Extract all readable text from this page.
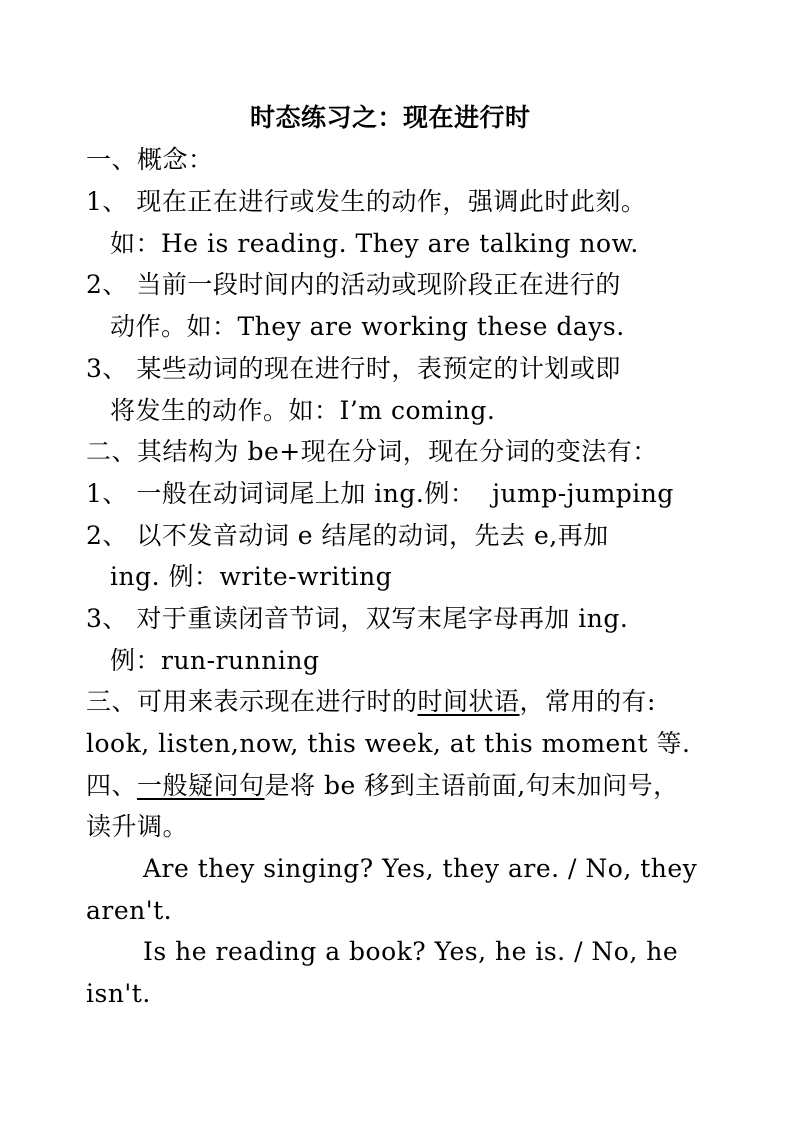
时态练习之：现在进行时
一、概念：
1、 现在正在进行或发生的动作，强调此时此刻。
如：He is reading. They are talking now.
2、 当前一段时间内的活动或现阶段正在进行的
动作。如：They are working these days.
3、 某些动词的现在进行时，表预定的计划或即
将发生的动作。如：I’m coming.
二、其结构为 be+现在分词，现在分词的变法有：
1、 一般在动词词尾上加 ing.例：  jump-jumping
2、 以不发音动词 e 结尾的动词，先去 e,再加
ing. 例：write-writing
3、 对于重读闭音节词，双写末尾字母再加 ing.
例：run-running
三、可用来表示现在进行时的时间状语，常用的有:
look, listen,now, this week, at this moment 等.
四、一般疑问句是将 be 移到主语前面,句末加问号，
读升调。
Are they singing? Yes, they are. / No, they
aren't.
Is he reading a book? Yes, he is. / No, he
isn't.
